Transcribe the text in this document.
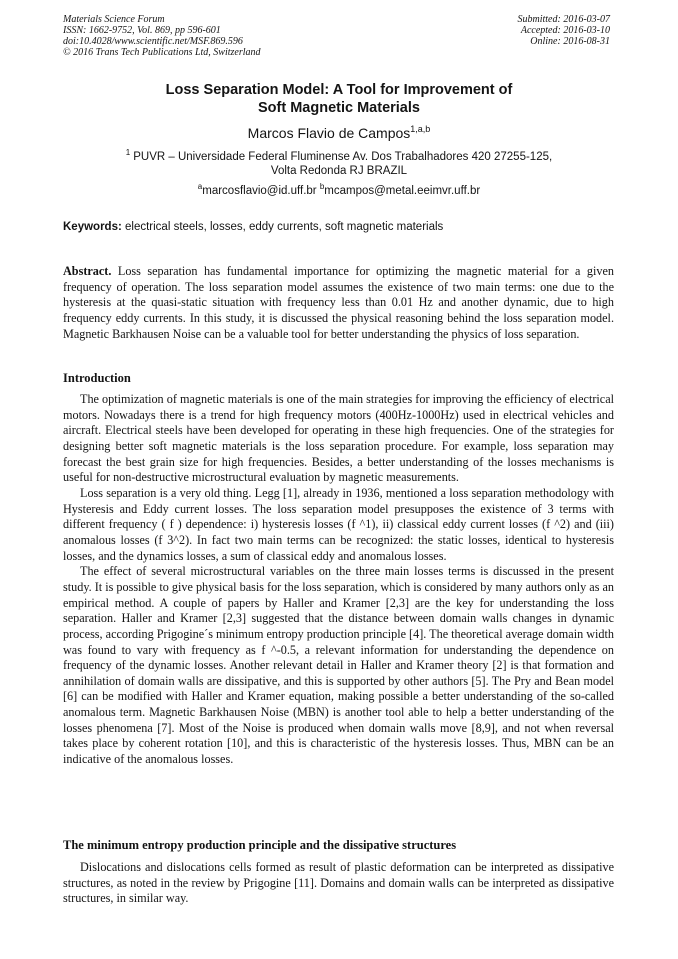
Materials Science Forum
ISSN: 1662-9752, Vol. 869, pp 596-601
doi:10.4028/www.scientific.net/MSF.869.596
© 2016 Trans Tech Publications Ltd, Switzerland
Submitted: 2016-03-07
Accepted: 2016-03-10
Online: 2016-08-31
Loss Separation Model: A Tool for Improvement of
Soft Magnetic Materials
Marcos Flavio de Campos$^{1,a,b}$
$^1$ PUVR – Universidade Federal Fluminense Av. Dos Trabalhadores 420 27255-125,
Volta Redonda RJ BRAZIL
$^a$marcosflavio@id.uff.br $^b$mcampos@metal.eeimvr.uff.br
Keywords: electrical steels, losses, eddy currents, soft magnetic materials

Abstract. Loss separation has fundamental importance for optimizing the magnetic material for a given frequency of operation. The loss separation model assumes the existence of two main terms: one due to the hysteresis at the quasi-static situation with frequency less than 0.01 Hz and another dynamic, due to high frequency eddy currents. In this study, it is discussed the physical reasoning behind the loss separation model. Magnetic Barkhausen Noise can be a valuable tool for better understanding the physics of loss separation.

Introduction

The optimization of magnetic materials is one of the main strategies for improving the efficiency of electrical motors. Nowadays there is a trend for high frequency motors (400Hz-1000Hz) used in electrical vehicles and aircraft. Electrical steels have been developed for operating in these high frequencies. One of the strategies for designing better soft magnetic materials is the loss separation procedure. For example, loss separation may forecast the best grain size for high frequencies. Besides, a better understanding of the losses mechanisms is useful for non-destructive microstructural evaluation by magnetic measurements.

Loss separation is a very old thing. Legg [1], already in 1936, mentioned a loss separation methodology with Hysteresis and Eddy current losses. The loss separation model presupposes the existence of 3 terms with different frequency ( f ) dependence: i) hysteresis losses (f ^1), ii) classical eddy current losses (f ^2) and (iii) anomalous losses (f 3^2). In fact two main terms can be recognized: the static losses, identical to hysteresis losses, and the dynamics losses, a sum of classical eddy and anomalous losses.

The effect of several microstructural variables on the three main losses terms is discussed in the present study. It is possible to give physical basis for the loss separation, which is considered by many authors only as an empirical method. A couple of papers by Haller and Kramer [2,3] are the key for understanding the loss separation. Haller and Kramer [2,3] suggested that the distance between domain walls changes in dynamic process, according Prigogine´s minimum entropy production principle [4]. The theoretical average domain width was found to vary with frequency as f ^-0.5, a relevant information for understanding the dependence on frequency of the dynamic losses. Another relevant detail in Haller and Kramer theory [2] is that formation and annihilation of domain walls are dissipative, and this is supported by other authors [5]. The Pry and Bean model [6] can be modified with Haller and Kramer equation, making possible a better understanding of the so-called anomalous term. Magnetic Barkhausen Noise (MBN) is another tool able to help a better understanding of the losses phenomena [7]. Most of the Noise is produced when domain walls move [8,9], and not when reversal takes place by coherent rotation [10], and this is characteristic of the hysteresis losses. Thus, MBN can be an indicative of the anomalous losses.

The minimum entropy production principle and the dissipative structures

Dislocations and dislocations cells formed as result of plastic deformation can be interpreted as dissipative structures, as noted in the review by Prigogine [11]. Domains and domain walls can be interpreted as dissipative structures, in similar way.
